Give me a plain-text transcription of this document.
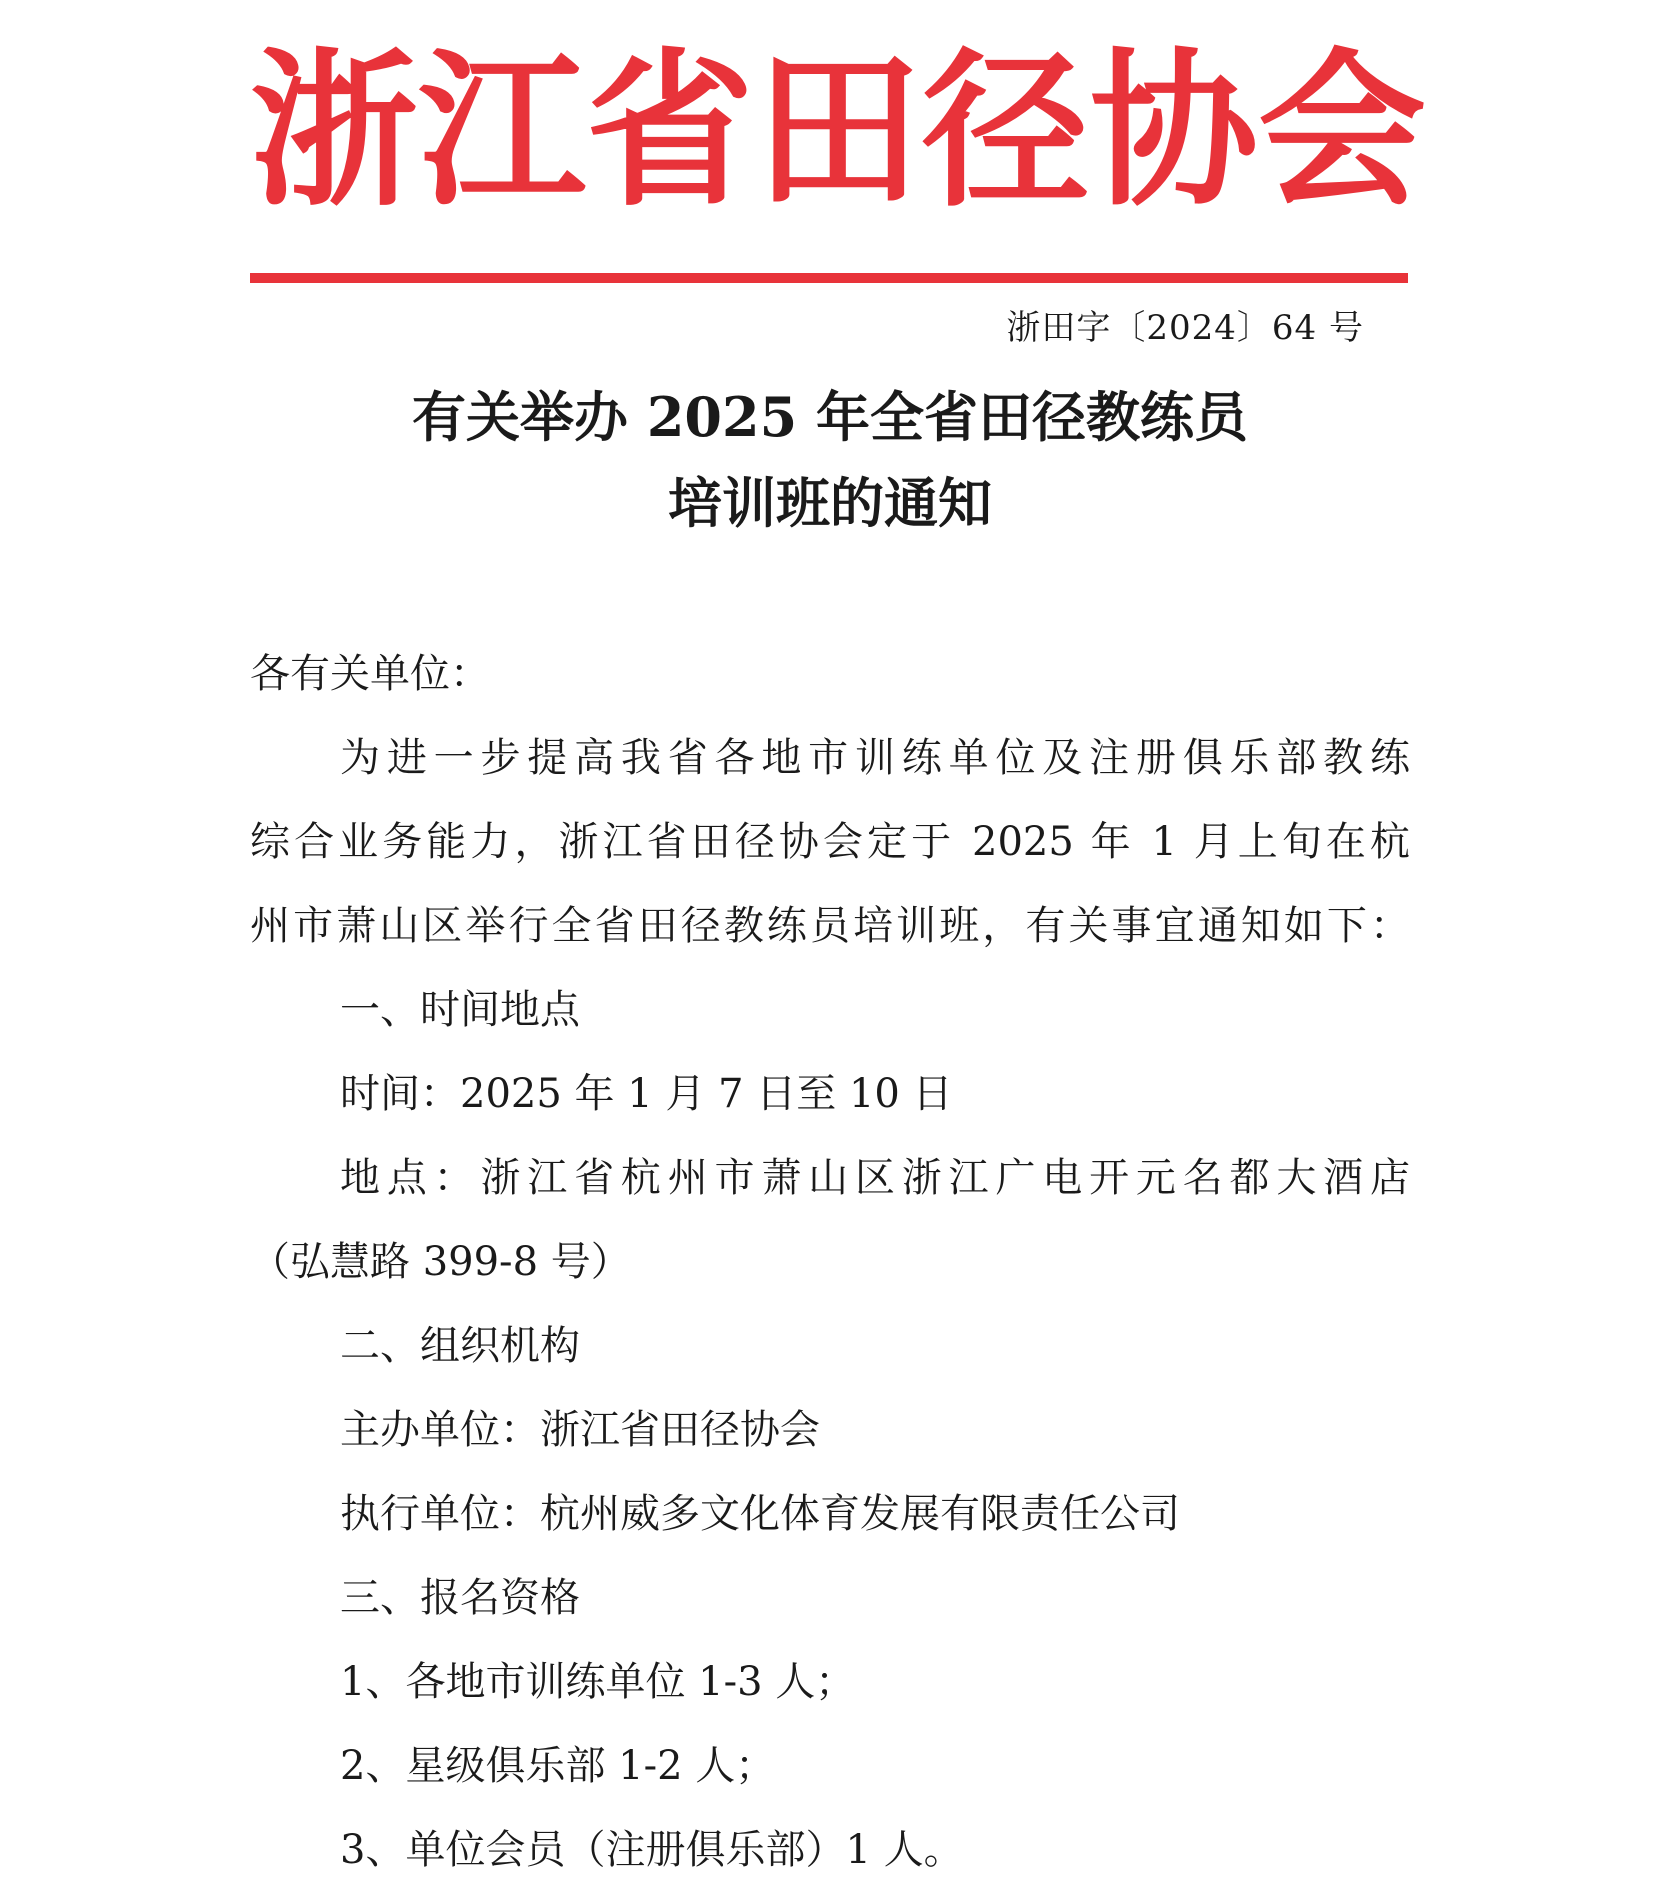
浙 江 省 田 径 协 会
浙田字〔2024〕64 号
有关举办 2025 年全省田径教练员
培训班的通知
各有关单位：
为进一步提高我省各地市训练单位及注册俱乐部教练
综合业务能力，浙江省田径协会定于 2025 年 1 月上旬在杭
州市萧山区举行全省田径教练员培训班，有关事宜通知如下：
一、时间地点
时间：2025 年 1 月 7 日至 10 日
地点：浙江省杭州市萧山区浙江广电开元名都大酒店
（弘慧路 399-8 号）
二、组织机构
主办单位：浙江省田径协会
执行单位：杭州威多文化体育发展有限责任公司
三、报名资格
1、各地市训练单位 1-3 人；
2、星级俱乐部 1-2 人；
3、单位会员（注册俱乐部）1 人。
